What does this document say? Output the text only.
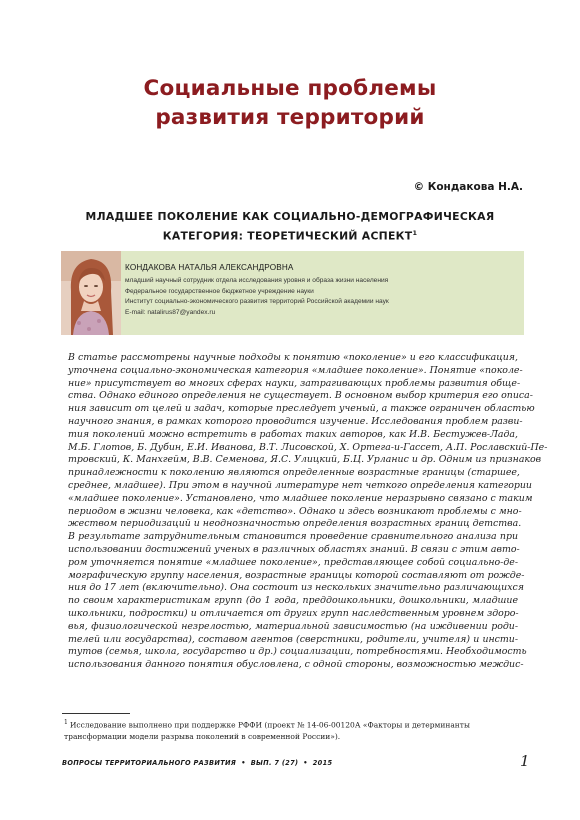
Социальные проблемы
развития территорий
© Кондакова Н.А.
МЛАДШЕЕ ПОКОЛЕНИЕ КАК СОЦИАЛЬНО-ДЕМОГРАФИЧЕСКАЯ
КАТЕГОРИЯ: ТЕОРЕТИЧЕСКИЙ АСПЕКТ$^1$
КОНДАКОВА НАТАЛЬЯ АЛЕКСАНДРОВНА
младший научный сотрудник отдела исследования уровня и образа жизни населения
Федеральное государственное бюджетное учреждение науки
Институт социально-экономического развития территорий Российской академии наук
E-mail: natalirus87@yandex.ru
В статье рассмотрены научные подходы к понятию «поколение» и его классификация,
уточнена социально-экономическая категория «младшее поколение». Понятие «поколе-
ние» присутствует во многих сферах науки, затрагивающих проблемы развития обще-
ства. Однако единого определения не существует. В основном выбор критерия его описа-
ния зависит от целей и задач, которые преследует ученый, а также ограничен областью
научного знания, в рамках которого проводится изучение. Исследования проблем разви-
тия поколений можно встретить в работах таких авторов, как И.В. Бестужев-Лада,
М.Б. Глотов, Б. Дубин, Е.И. Иванова, В.Т. Лисовской, Х. Ортега-и-Гассет, А.П. Рославский-Пе-
тровский, К. Манхгейм, В.В. Семенова, Я.С. Улицкий, Б.Ц. Урланис и др. Одним из признаков
принадлежности к поколению являются определенные возрастные границы (старшее,
среднее, младшее). При этом в научной литературе нет четкого определения категории
«младшее поколение». Установлено, что младшее поколение неразрывно связано с таким
периодом в жизни человека, как «детство». Однако и здесь возникают проблемы с мно-
жеством периодизаций и неоднозначностью определения возрастных границ детства.
В результате затруднительным становится проведение сравнительного анализа при
использовании достижений ученых в различных областях знаний. В связи с этим авто-
ром уточняется понятие «младшее поколение», представляющее собой социально-де-
мографическую группу населения, возрастные границы которой составляют от рожде-
ния до 17 лет (включительно). Она состоит из нескольких значительно различающихся
по своим характеристикам групп (до 1 года, преддошкольники, дошкольники, младшие
школьники, подростки) и отличается от других групп наследственным уровнем здоро-
вья, физиологической незрелостью, материальной зависимостью (на иждивении роди-
телей или государства), составом агентов (сверстники, родители, учителя) и инсти-
тутов (семья, школа, государство и др.) социализации, потребностями. Необходимость
использования данного понятия обусловлена, с одной стороны, возможностью междис-
$^1$ Исследование выполнено при поддержке РФФИ (проект № 14-06-00120А «Факторы и детерминанты
трансформации модели разрыва поколений в современной России»).
ВОПРОСЫ ТЕРРИТОРИАЛЬНОГО РАЗВИТИЯ • ВЫП. 7 (27) • 2015	1
